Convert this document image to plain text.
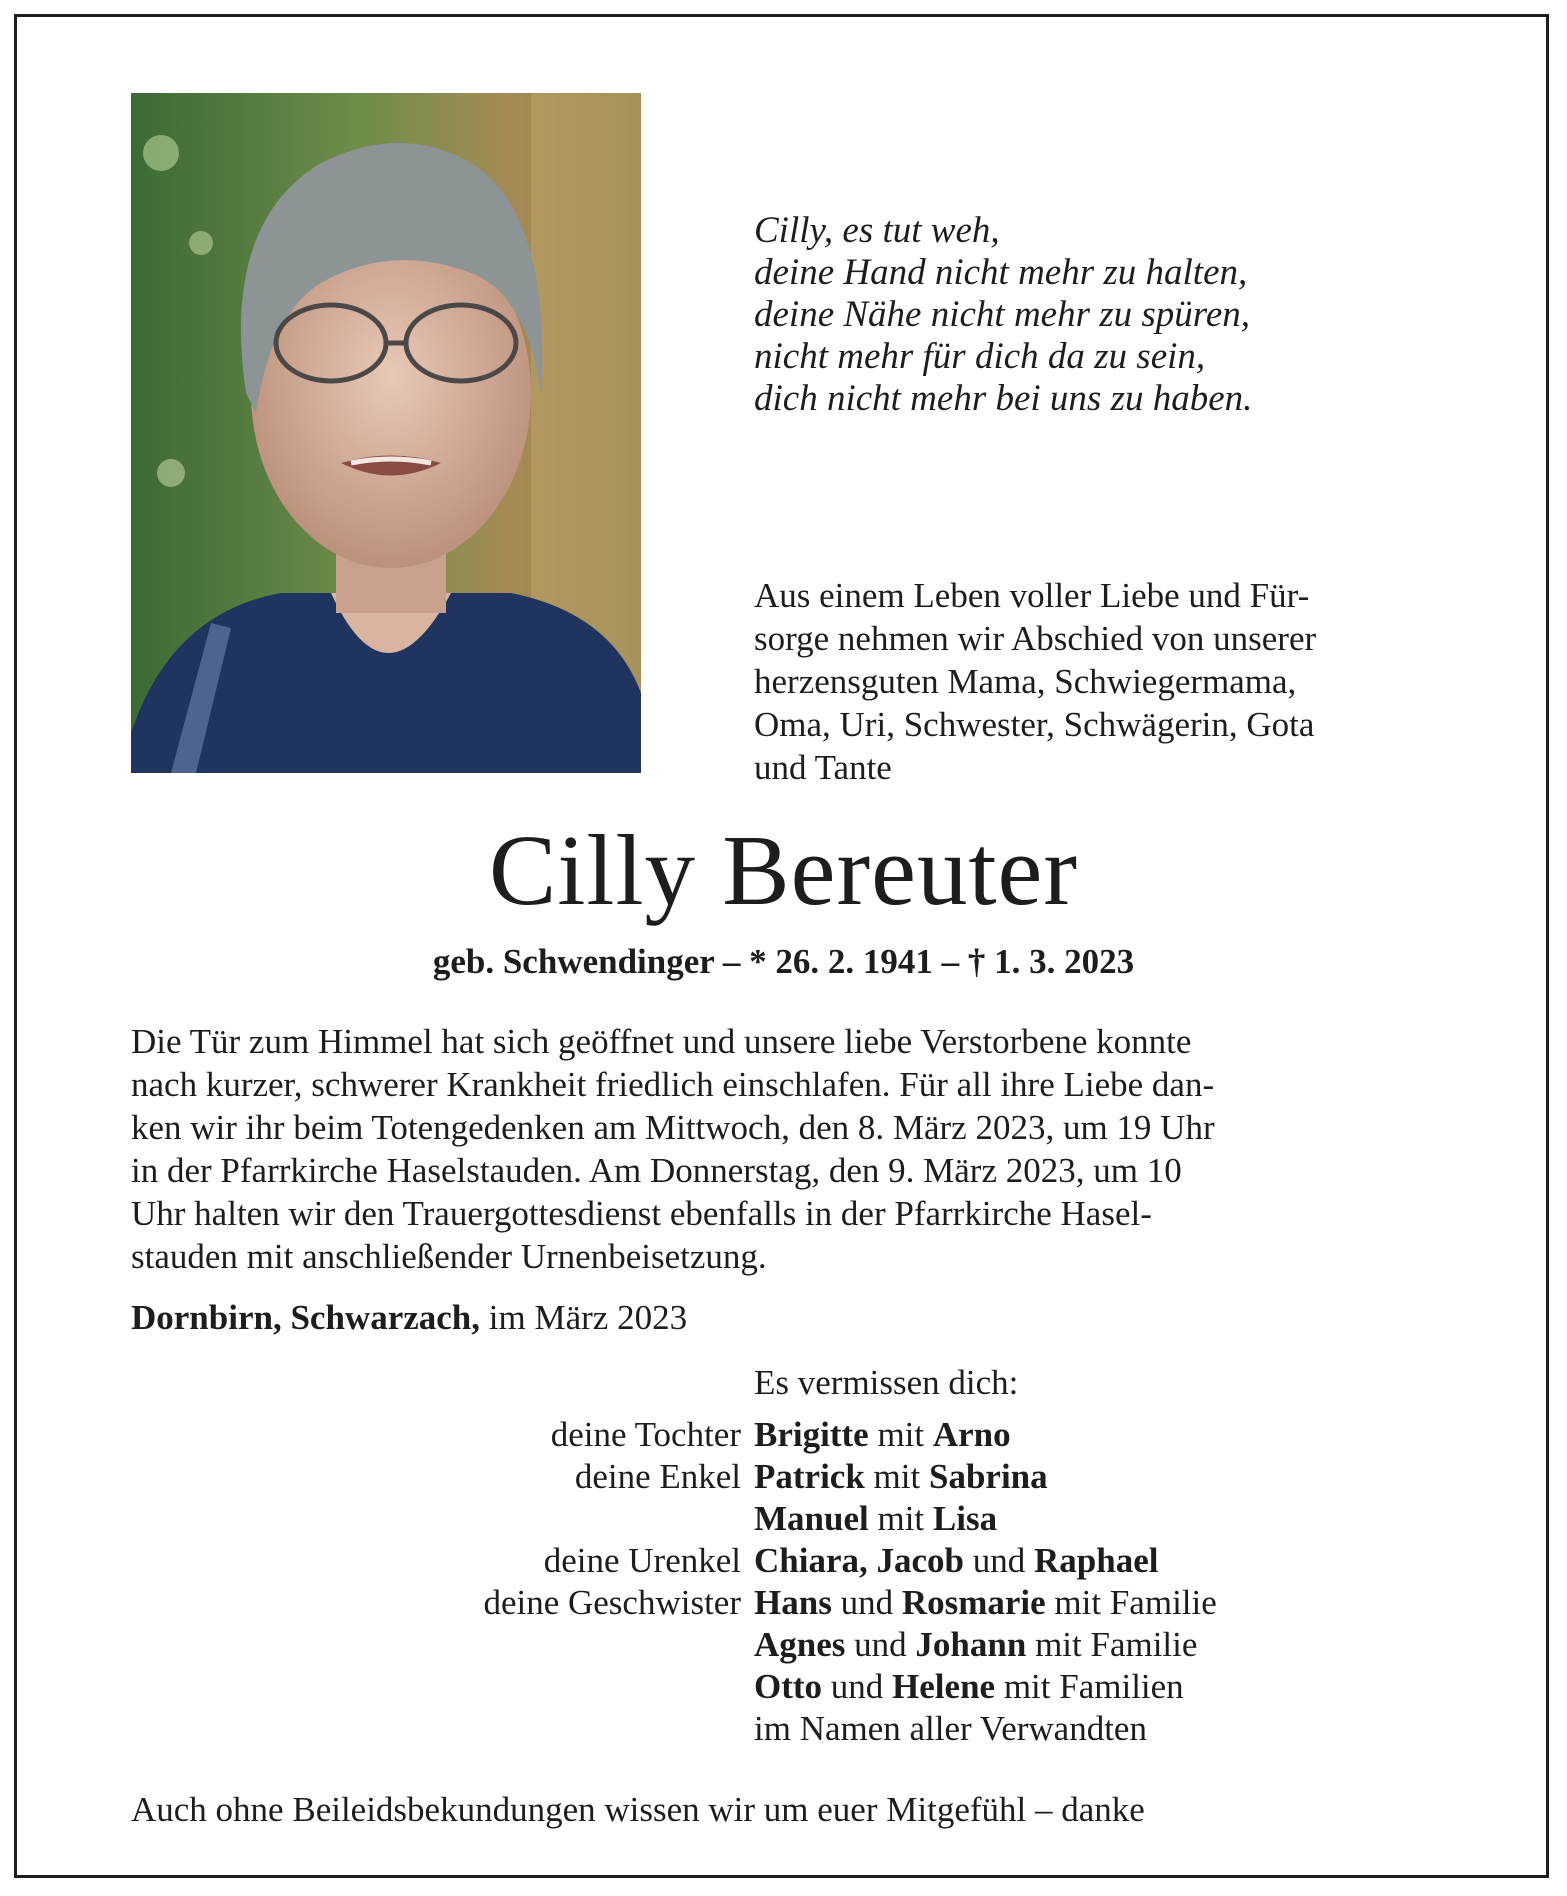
Cilly, es tut weh,
deine Hand nicht mehr zu halten,
deine Nähe nicht mehr zu spüren,
nicht mehr für dich da zu sein,
dich nicht mehr bei uns zu haben.
Aus einem Leben voller Liebe und Für-
sorge nehmen wir Abschied von unserer
herzensguten Mama, Schwiegermama,
Oma, Uri, Schwester, Schwägerin, Gota
und Tante
Cilly Bereuter
geb. Schwendinger – * 26. 2. 1941 – † 1. 3. 2023
Die Tür zum Himmel hat sich geöffnet und unsere liebe Verstorbene konnte
nach kurzer, schwerer Krankheit friedlich einschlafen. Für all ihre Liebe dan-
ken wir ihr beim Totengedenken am Mittwoch, den 8. März 2023, um 19 Uhr
in der Pfarrkirche Haselstauden. Am Donnerstag, den 9. März 2023, um 10
Uhr halten wir den Trauergottesdienst ebenfalls in der Pfarrkirche Hasel-
stauden mit anschließender Urnenbeisetzung.
Dornbirn, Schwarzach, im März 2023
Es vermissen dich:
deine Tochter Brigitte mit Arno
deine Enkel Patrick mit Sabrina
Manuel mit Lisa
deine Urenkel Chiara, Jacob und Raphael
deine Geschwister Hans und Rosmarie mit Familie
Agnes und Johann mit Familie
Otto und Helene mit Familien
im Namen aller Verwandten
Auch ohne Beileidsbekundungen wissen wir um euer Mitgefühl – danke
